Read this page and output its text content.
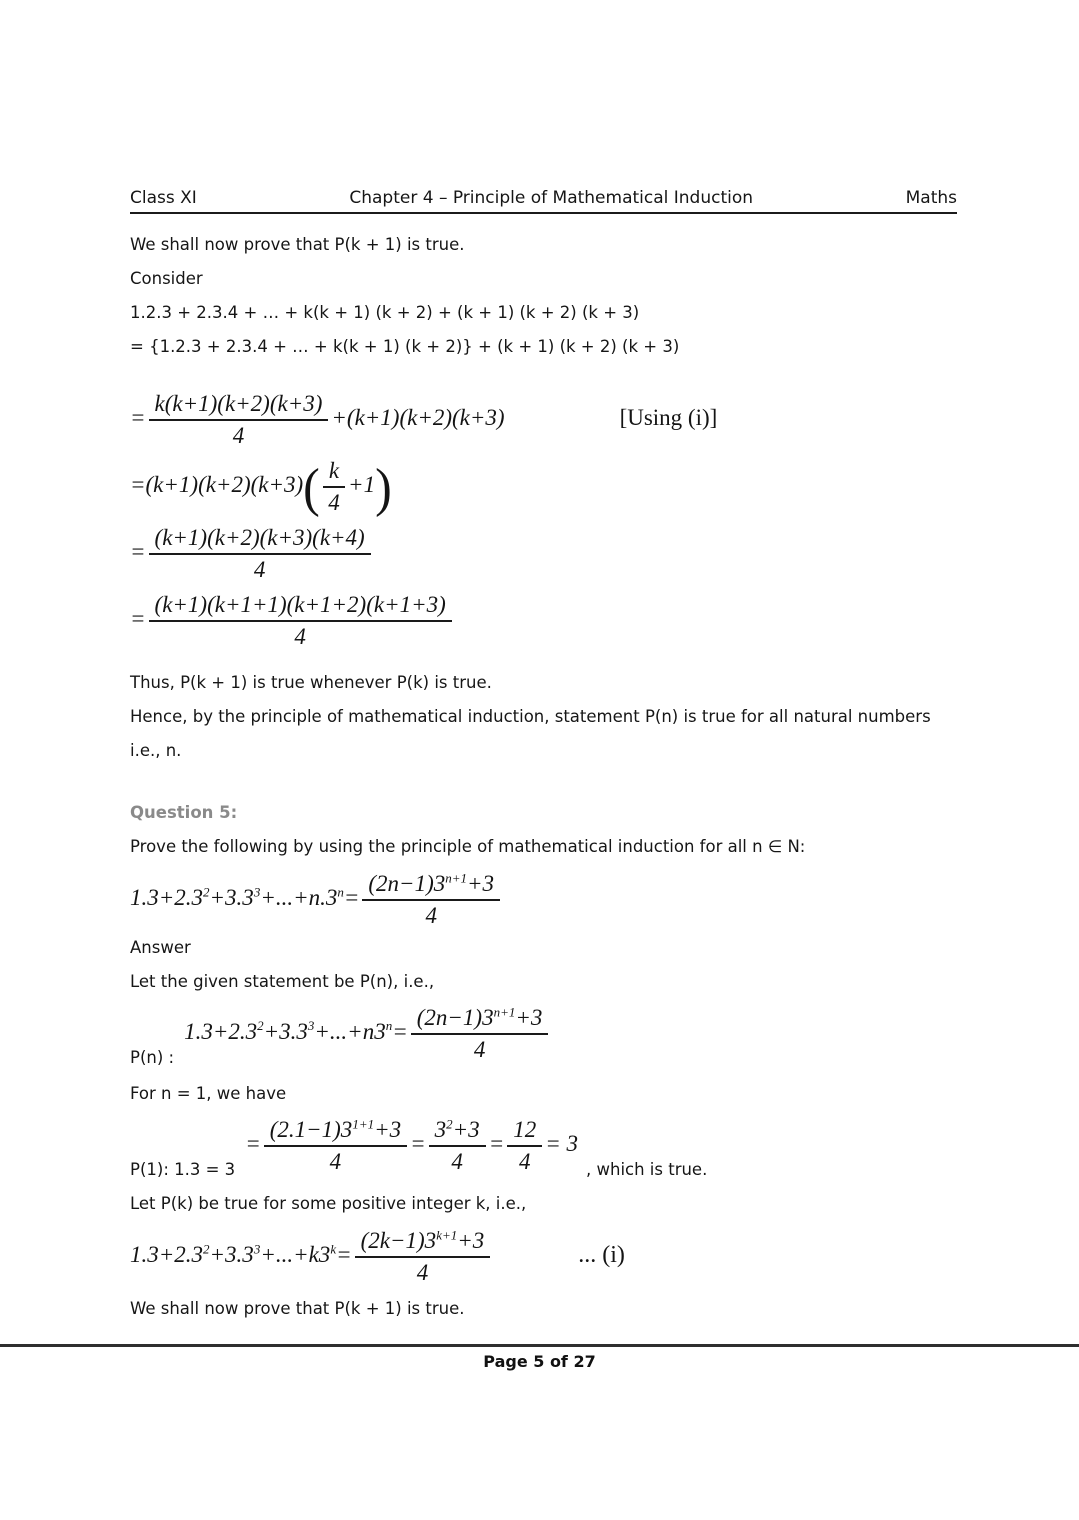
Class XI	Chapter 4 – Principle of Mathematical Induction	Maths

We shall now prove that P(k + 1) is true.

Consider

1.2.3 + 2.3.4 + … + k(k + 1) (k + 2) + (k + 1) (k + 2) (k + 3)

= {1.2.3 + 2.3.4 + … + k(k + 1) (k + 2)} + (k + 1) (k + 2) (k + 3)

= $\frac{k(k+1)(k+2)(k+3)}{4} +(k+1)(k+2)(k+3)$	[Using (i)]

$=(k+1)(k+2)(k+3)( \frac{k}{4} +1)$

= $\frac{(k+1)(k+2)(k+3)(k+4)}{4}$

= $\frac{(k+1)(k+1+1)(k+1+2)(k+1+3)}{4}$

Thus, P(k + 1) is true whenever P(k) is true.

Hence, by the principle of mathematical induction, statement P(n) is true for all natural numbers i.e., n.

Question 5:

Prove the following by using the principle of mathematical induction for all n ∈ N:

$1.3+2.3^2+3.3^3+...+n.3^n= \frac{(2n-1)3^{n+1}+3}{4}$

Answer

Let the given statement be P(n), i.e.,

P(n) :
$1.3+2.3^2+3.3^3+...+n3^n= \frac{(2n-1)3^{n+1}+3}{4}$

For n = 1, we have

P(1): 1.3 = 3
= $\frac{(2.1-1)3^{1+1}+3}{4} = \frac{3^2+3}{4} = \frac{12}{4} = 3$
, which is true.

Let P(k) be true for some positive integer k, i.e.,

$1.3+2.3^2+3.3^3+...+k3^k= \frac{(2k-1)3^{k+1}+3}{4}$	... (i)

We shall now prove that P(k + 1) is true.

Page 5 of 27
